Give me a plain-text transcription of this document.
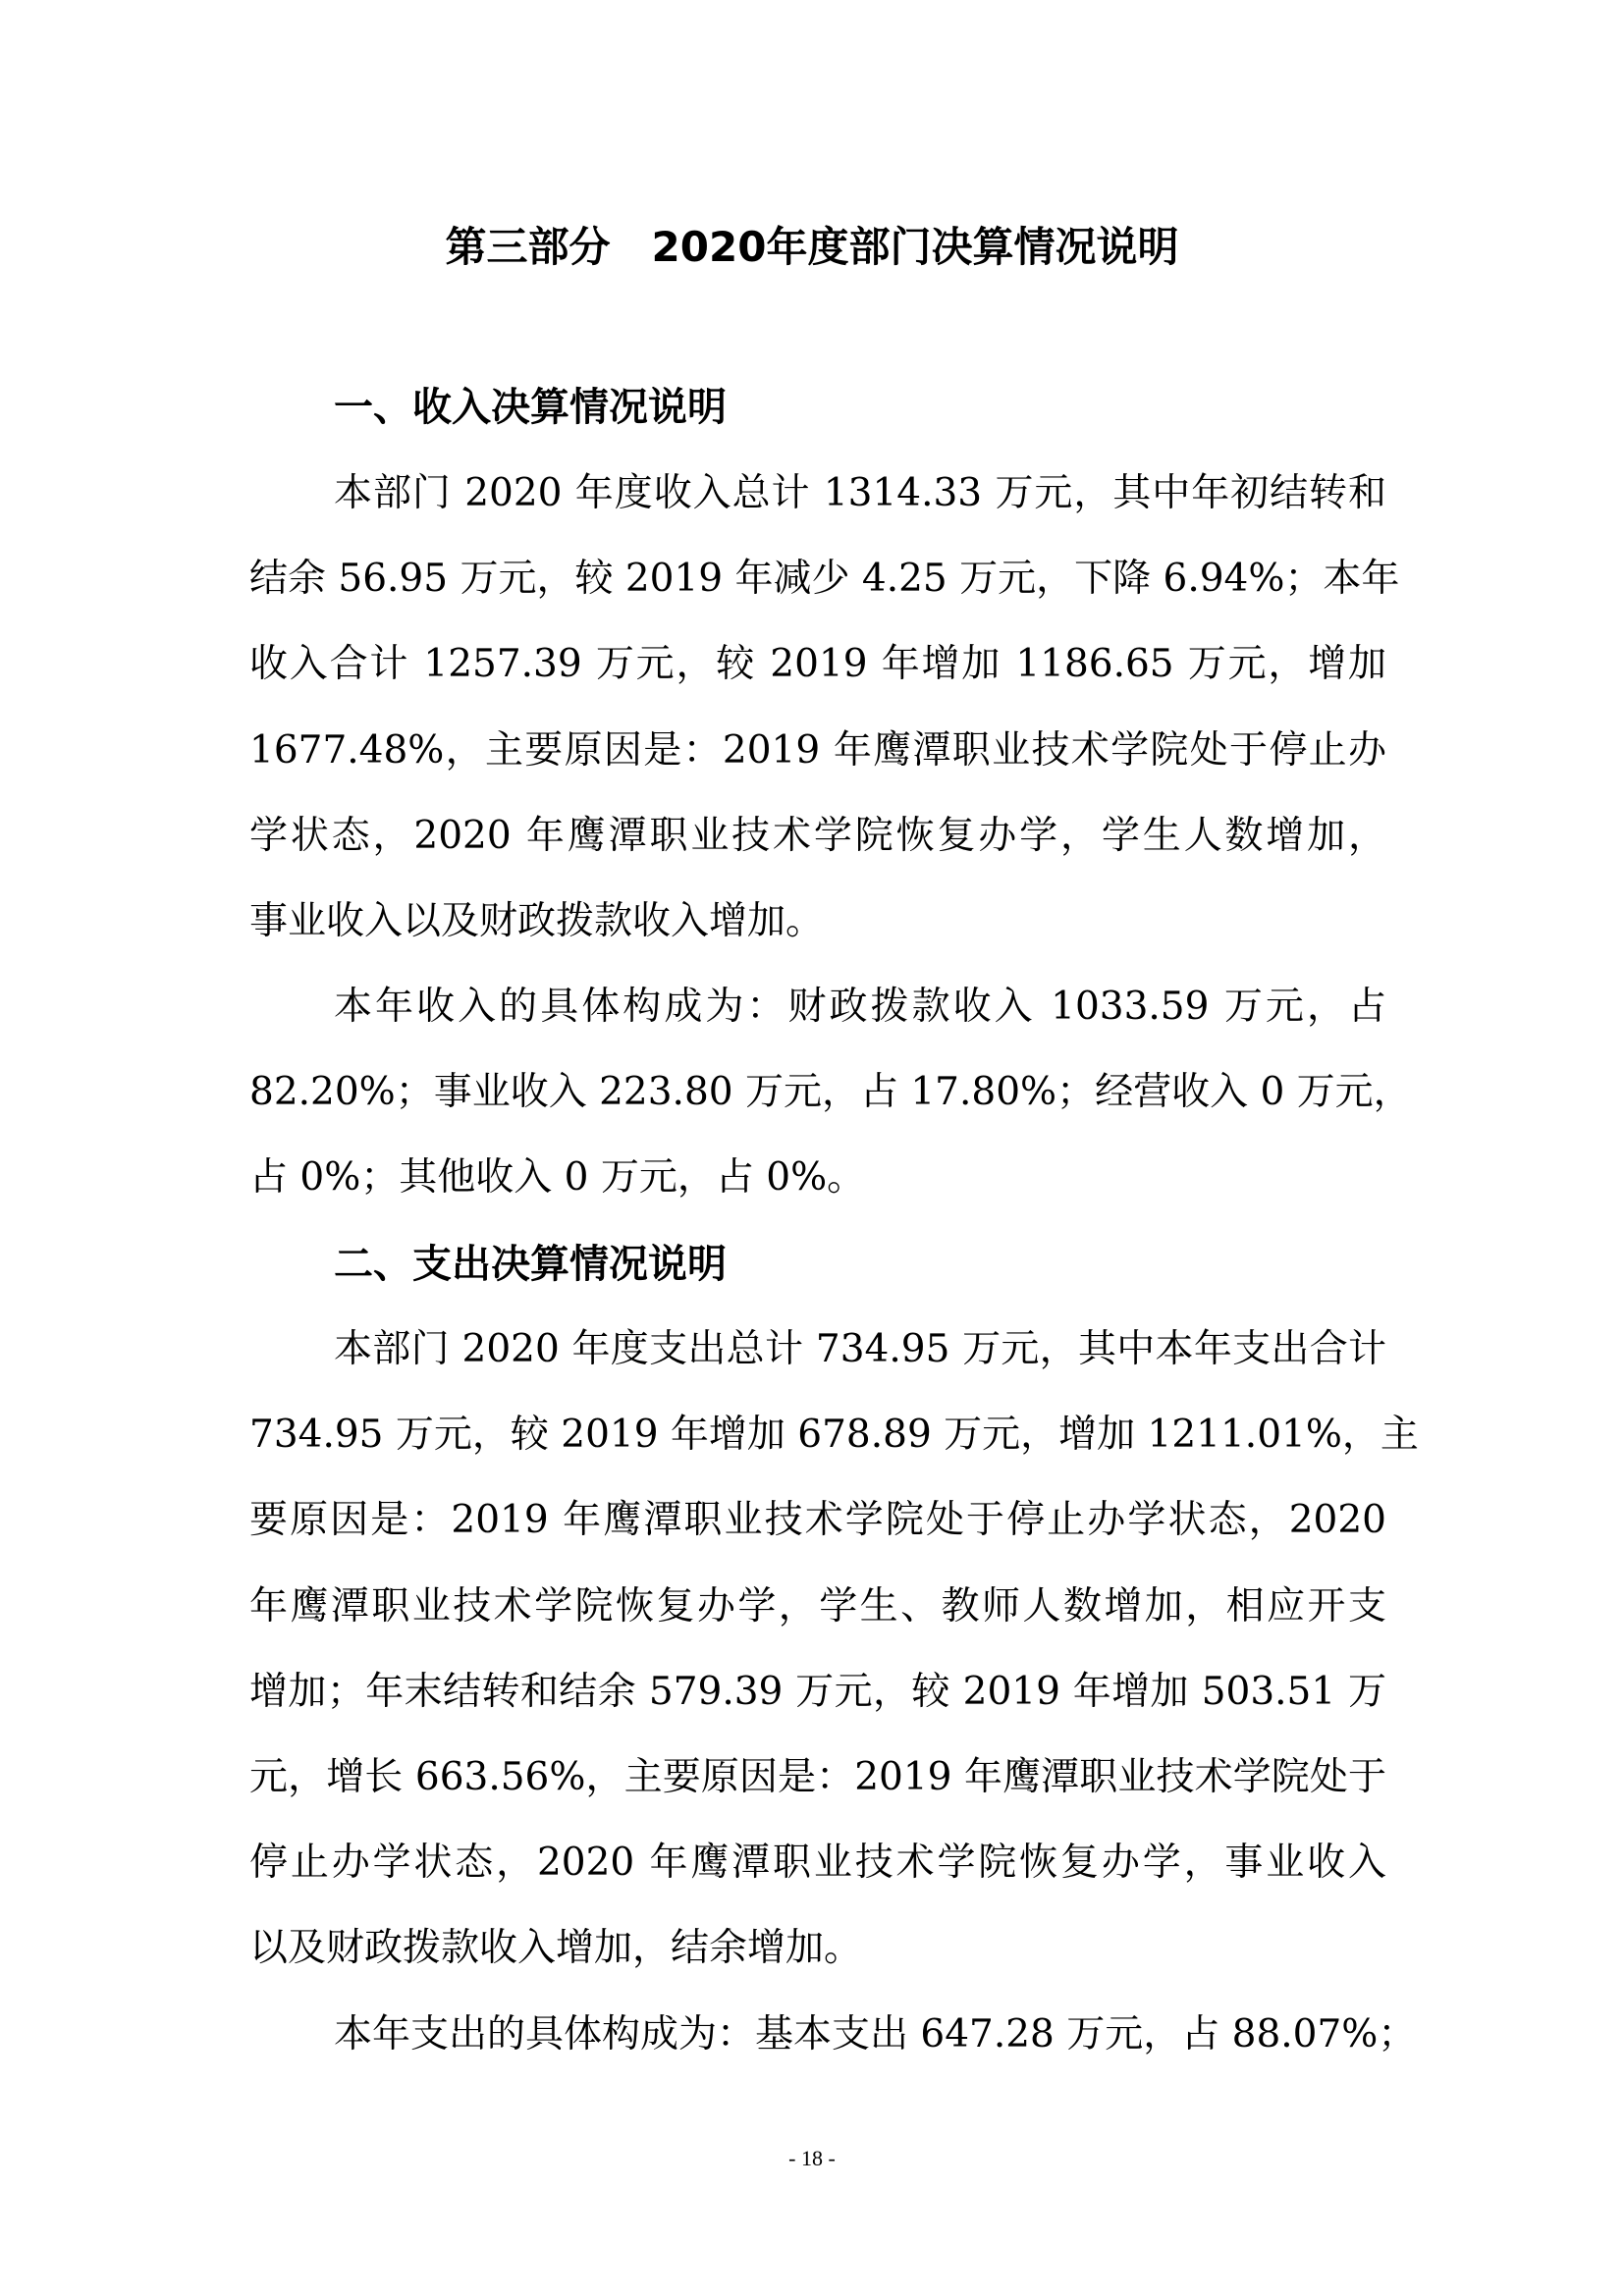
第三部分　2020年度部门决算情况说明
一、收入决算情况说明
本部门 2020 年度收入总计 1314.33 万元，其中年初结转和
结余 56.95 万元，较 2019 年减少 4.25 万元，下降 6.94%；本年
收入合计 1257.39 万元，较 2019 年增加 1186.65 万元，增加
1677.48%，主要原因是：2019 年鹰潭职业技术学院处于停止办
学状态，2020 年鹰潭职业技术学院恢复办学，学生人数增加，
事业收入以及财政拨款收入增加。
本年收入的具体构成为：财政拨款收入 1033.59 万元，占
82.20%；事业收入 223.80 万元，占 17.80%；经营收入 0 万元，
占 0%；其他收入 0 万元，占 0%。
二、支出决算情况说明
本部门 2020 年度支出总计 734.95 万元，其中本年支出合计
734.95 万元，较 2019 年增加 678.89 万元，增加 1211.01%，主
要原因是：2019 年鹰潭职业技术学院处于停止办学状态，2020
年鹰潭职业技术学院恢复办学，学生、教师人数增加，相应开支
增加；年末结转和结余 579.39 万元，较 2019 年增加 503.51 万
元，增长 663.56%，主要原因是：2019 年鹰潭职业技术学院处于
停止办学状态，2020 年鹰潭职业技术学院恢复办学，事业收入
以及财政拨款收入增加，结余增加。
本年支出的具体构成为：基本支出 647.28 万元，占 88.07%；
- 18 -
